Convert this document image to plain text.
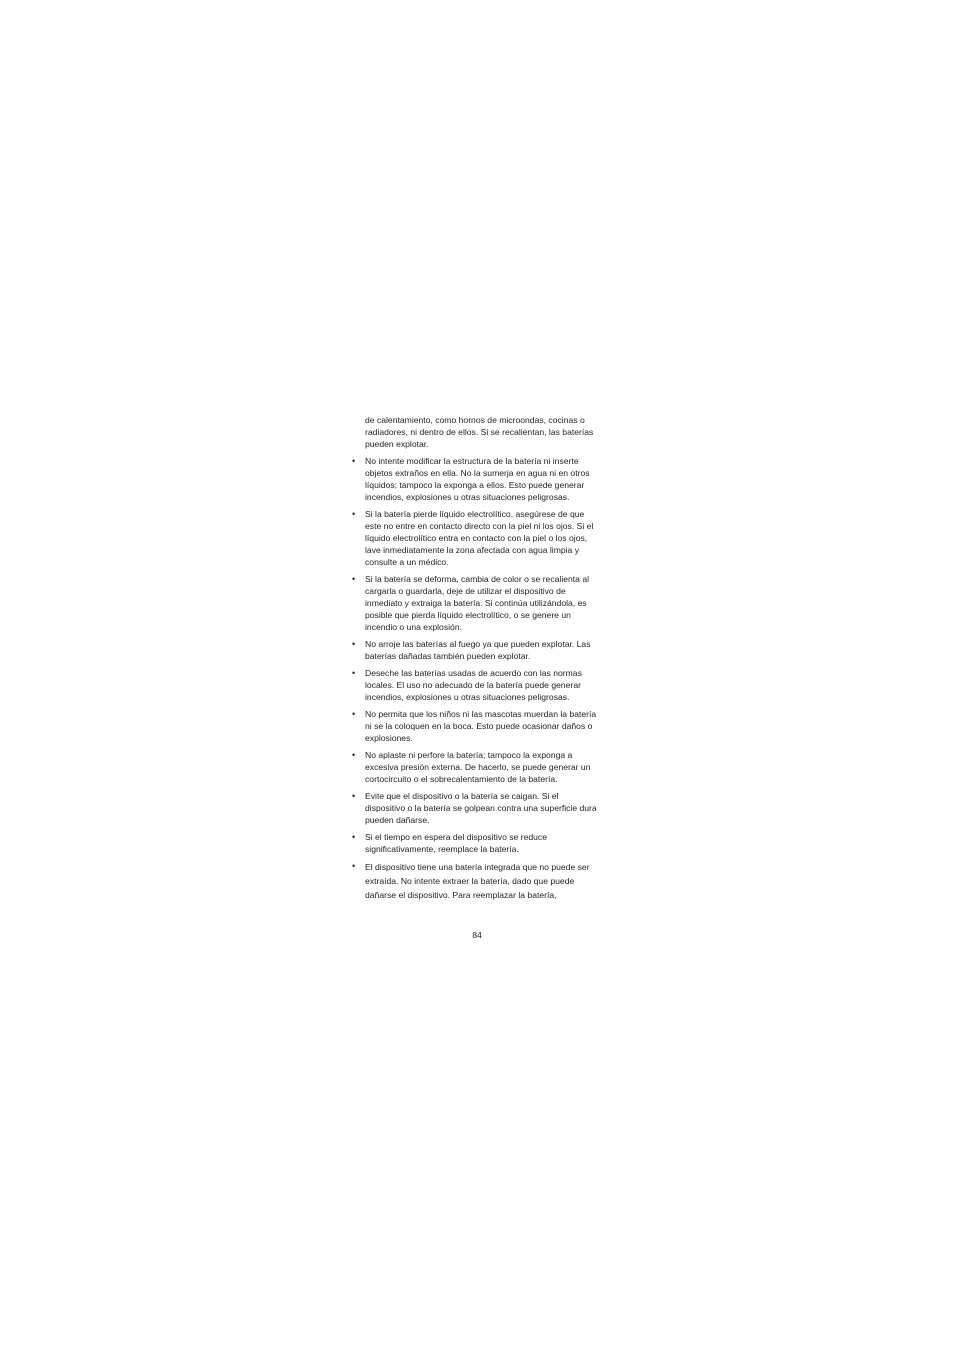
de calentamiento, como hornos de microondas, cocinas o radiadores, ni dentro de ellos. Si se recalientan, las baterías pueden explotar.

•	No intente modificar la estructura de la batería ni inserte objetos extraños en ella. No la sumerja en agua ni en otros líquidos; tampoco la exponga a ellos. Esto puede generar incendios, explosiones u otras situaciones peligrosas.
•	Si la batería pierde líquido electrolítico, asegúrese de que este no entre en contacto directo con la piel ni los ojos. Si el líquido electrolítico entra en contacto con la piel o los ojos, lave inmediatamente la zona afectada con agua limpia y consulte a un médico.
•	Si la batería se deforma, cambia de color o se recalienta al cargarla o guardarla, deje de utilizar el dispositivo de inmediato y extraiga la batería. Si continúa utilizándola, es posible que pierda líquido electrolítico, o se genere un incendio o una explosión.
•	No arroje las baterías al fuego ya que pueden explotar. Las baterías dañadas también pueden explotar.
•	Deseche las baterías usadas de acuerdo con las normas locales. El uso no adecuado de la batería puede generar incendios, explosiones u otras situaciones peligrosas.
•	No permita que los niños ni las mascotas muerdan la batería ni se la coloquen en la boca. Esto puede ocasionar daños o explosiones.
•	No aplaste ni perfore la batería; tampoco la exponga a excesiva presión externa. De hacerlo, se puede generar un cortocircuito o el sobrecalentamiento de la batería.
•	Evite que el dispositivo o la batería se caigan. Si el dispositivo o la batería se golpean contra una superficie dura pueden dañarse.
•	Si el tiempo en espera del dispositivo se reduce significativamente, reemplace la batería.
•	El dispositivo tiene una batería integrada que no puede ser extraída. No intente extraer la batería, dado que puede dañarse el dispositivo. Para reemplazar la batería,
84
